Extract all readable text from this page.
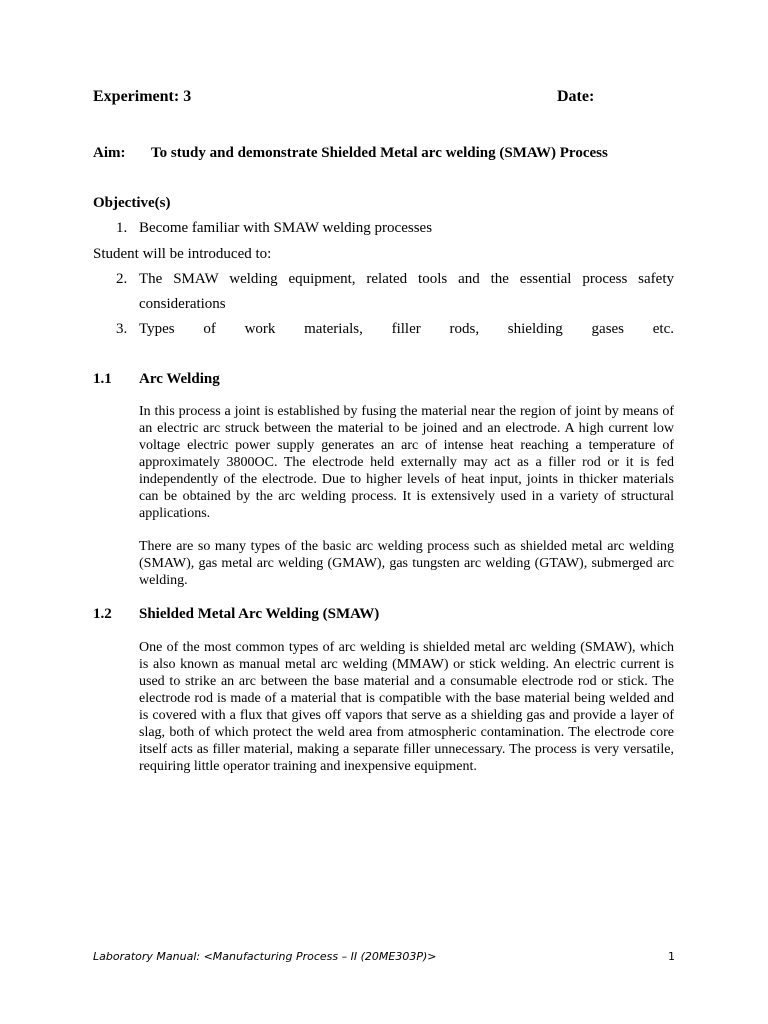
Experiment: 3	Date:
Aim: To study and demonstrate Shielded Metal arc welding (SMAW) Process
Objective(s)
1. Become familiar with SMAW welding processes
Student will be introduced to:
2. The SMAW welding equipment, related tools and the essential process safety
considerations
3. Types of work materials, filler rods, shielding gases etc.
1.1 Arc Welding
In this process a joint is established by fusing the material near the region of joint by means of an electric arc struck between the material to be joined and an electrode. A high current low voltage electric power supply generates an arc of intense heat reaching a temperature of approximately 3800OC. The electrode held externally may act as a filler rod or it is fed independently of the electrode. Due to higher levels of heat input, joints in thicker materials can be obtained by the arc welding process. It is extensively used in a variety of structural applications.
There are so many types of the basic arc welding process such as shielded metal arc welding (SMAW), gas metal arc welding (GMAW), gas tungsten arc welding (GTAW), submerged arc welding.
1.2 Shielded Metal Arc Welding (SMAW)
One of the most common types of arc welding is shielded metal arc welding (SMAW), which is also known as manual metal arc welding (MMAW) or stick welding. An electric current is used to strike an arc between the base material and a consumable electrode rod or stick. The electrode rod is made of a material that is compatible with the base material being welded and is covered with a flux that gives off vapors that serve as a shielding gas and provide a layer of slag, both of which protect the weld area from atmospheric contamination. The electrode core itself acts as filler material, making a separate filler unnecessary. The process is very versatile, requiring little operator training and inexpensive equipment.
Laboratory Manual: <Manufacturing Process – II (20ME303P)>	1
